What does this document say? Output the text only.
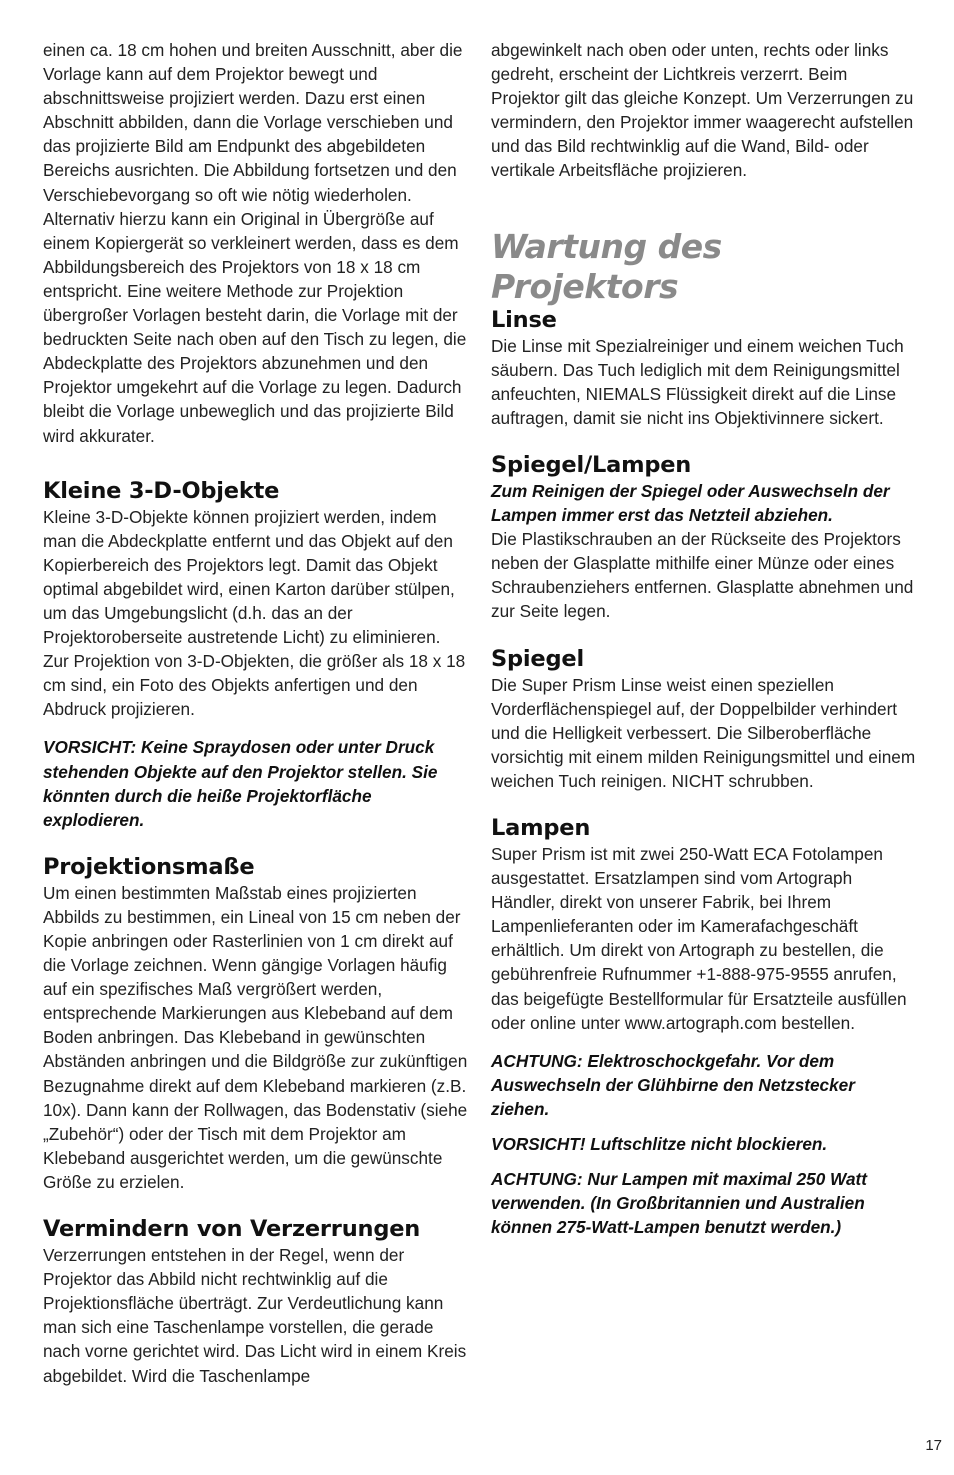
einen ca. 18 cm hohen und breiten Ausschnitt, aber die Vorlage kann auf dem Projektor bewegt und abschnittsweise projiziert werden. Dazu erst einen Abschnitt abbilden, dann die Vorlage verschieben und das projizierte Bild am Endpunkt des abgebildeten Bereichs ausrichten. Die Abbildung fortsetzen und den Verschiebevorgang so oft wie nötig wiederholen. Alternativ hierzu kann ein Original in Übergröße auf einem Kopiergerät so verkleinert werden, dass es dem Abbildungsbereich des Projektors von 18 x 18 cm entspricht. Eine weitere Methode zur Projektion übergroßer Vorlagen besteht darin, die Vorlage mit der bedruckten Seite nach oben auf den Tisch zu legen, die Abdeckplatte des Projektors abzunehmen und den Projektor umgekehrt auf die Vorlage zu legen. Dadurch bleibt die Vorlage unbeweglich und das projizierte Bild wird akkurater.

Kleine 3-D-Objekte

Kleine 3-D-Objekte können projiziert werden, indem man die Abdeckplatte entfernt und das Objekt auf den Kopierbereich des Projektors legt. Damit das Objekt optimal abgebildet wird, einen Karton darüber stülpen, um das Umgebungslicht (d.h. das an der Projektoroberseite austretende Licht) zu eliminieren. Zur Projektion von 3-D-Objekten, die größer als 18 x 18 cm sind, ein Foto des Objekts anfertigen und den Abdruck projizieren.

VORSICHT: Keine Spraydosen oder unter Druck stehenden Objekte auf den Projektor stellen. Sie könnten durch die heiße Projektorfläche explodieren.

Projektionsmaße

Um einen bestimmten Maßstab eines projizierten Abbilds zu bestimmen, ein Lineal von 15 cm neben der Kopie anbringen oder Rasterlinien von 1 cm direkt auf die Vorlage zeichnen. Wenn gängige Vorlagen häufig auf ein spezifisches Maß vergrößert werden, entsprechende Markierungen aus Klebeband auf dem Boden anbringen. Das Klebeband in gewünschten Abständen anbringen und die Bildgröße zur zukünftigen Bezugnahme direkt auf dem Klebeband markieren (z.B. 10x). Dann kann der Rollwagen, das Bodenstativ (siehe „Zubehör“) oder der Tisch mit dem Projektor am Klebeband ausgerichtet werden, um die gewünschte Größe zu erzielen.

Vermindern von Verzerrungen

Verzerrungen entstehen in der Regel, wenn der Projektor das Abbild nicht rechtwinklig auf die Projektionsfläche überträgt. Zur Verdeutlichung kann man sich eine Taschenlampe vorstellen, die gerade nach vorne gerichtet wird. Das Licht wird in einem Kreis abgebildet. Wird die Taschenlampe

abgewinkelt nach oben oder unten, rechts oder links gedreht, erscheint der Lichtkreis verzerrt. Beim Projektor gilt das gleiche Konzept. Um Verzerrungen zu vermindern, den Projektor immer waagerecht aufstellen und das Bild rechtwinklig auf die Wand, Bild- oder vertikale Arbeitsfläche projizieren.

Wartung des Projektors
Linse

Die Linse mit Spezialreiniger und einem weichen Tuch säubern. Das Tuch lediglich mit dem Reinigungsmittel anfeuchten, NIEMALS Flüssigkeit direkt auf die Linse auftragen, damit sie nicht ins Objektivinnere sickert.

Spiegel/Lampen

Zum Reinigen der Spiegel oder Auswechseln der Lampen immer erst das Netzteil abziehen.

Die Plastikschrauben an der Rückseite des Projektors neben der Glasplatte mithilfe einer Münze oder eines Schraubenziehers entfernen. Glasplatte abnehmen und zur Seite legen.

Spiegel

Die Super Prism Linse weist einen speziellen Vorderflächenspiegel auf, der Doppelbilder verhindert und die Helligkeit verbessert. Die Silberoberfläche vorsichtig mit einem milden Reinigungsmittel und einem weichen Tuch reinigen. NICHT schrubben.

Lampen

Super Prism ist mit zwei 250-Watt ECA Fotolampen ausgestattet. Ersatzlampen sind vom Artograph Händler, direkt von unserer Fabrik, bei Ihrem Lampenlieferanten oder im Kamerafachgeschäft erhältlich. Um direkt von Artograph zu bestellen, die gebührenfreie Rufnummer +1-888-975-9555 anrufen, das beigefügte Bestellformular für Ersatzteile ausfüllen oder online unter www.artograph.com bestellen.

ACHTUNG: Elektroschockgefahr. Vor dem Auswechseln der Glühbirne den Netzstecker ziehen.

VORSICHT! Luftschlitze nicht blockieren.

ACHTUNG: Nur Lampen mit maximal 250 Watt verwenden. (In Großbritannien und Australien können 275-Watt-Lampen benutzt werden.)

17
